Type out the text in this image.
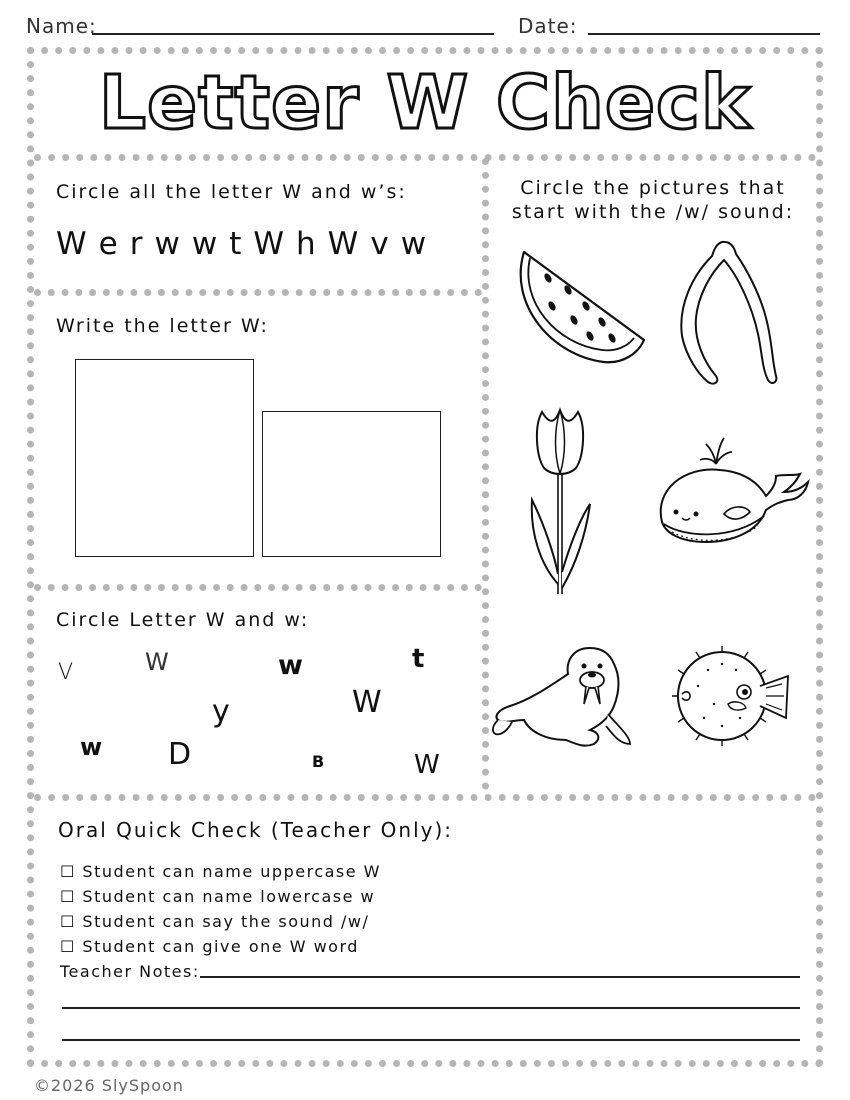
Name:	Date:
Letter W Check
Circle all the letter W and w’s:
W e r w w t W h W v w
Write the letter W:
Circle Letter W and w:
V	W	w	t
y	W
w D	B	W
Circle the pictures that
start with the /w/ sound:
Oral Quick Check (Teacher Only):
☐ Student can name uppercase W
☐ Student can name lowercase w
☐ Student can say the sound /w/
☐ Student can give one W word
Teacher Notes:
©2026 SlySpoon
